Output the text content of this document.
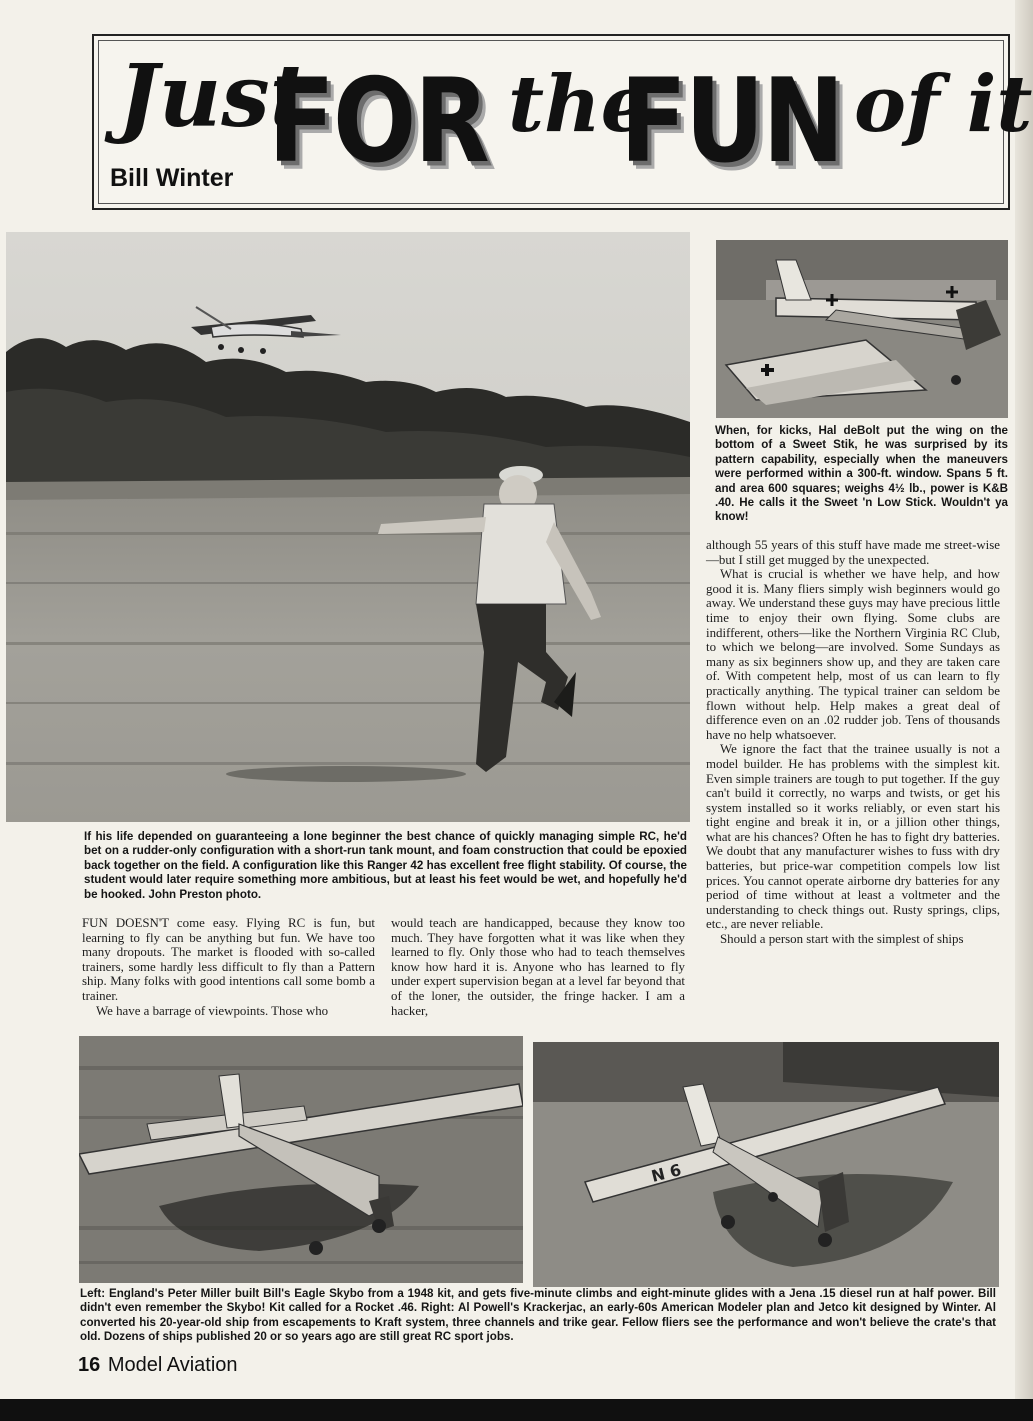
Just
FOR the
FUN of it
Bill Winter

When, for kicks, Hal deBolt put the wing on the bottom of a Sweet Stik, he was surprised by its pattern capability, especially when the maneuvers were performed within a 300-ft. window. Spans 5 ft. and area 600 squares; weighs 4½ lb., power is K&B .40. He calls it the Sweet 'n Low Stick. Wouldn't ya know!

If his life depended on guaranteeing a lone beginner the best chance of quickly managing simple RC, he'd bet on a rudder-only configuration with a short-run tank mount, and foam construction that could be epoxied back together on the field. A configuration like this Ranger 42 has excellent free flight stability. Of course, the student would later require something more ambitious, but at least his feet would be wet, and hopefully he'd be hooked. John Preston photo.

FUN DOESN'T come easy. Flying RC is fun, but learning to fly can be anything but fun. We have too many dropouts. The market is flooded with so-called trainers, some hardly less difficult to fly than a Pattern ship. Many folks with good intentions call some bomb a trainer.

We have a barrage of viewpoints. Those who

would teach are handicapped, because they know too much. They have forgotten what it was like when they learned to fly. Only those who had to teach themselves know how hard it is. Anyone who has learned to fly under expert supervision began at a level far beyond that of the loner, the outsider, the fringe hacker. I am a hacker,

although 55 years of this stuff have made me street-wise—but I still get mugged by the unexpected.

What is crucial is whether we have help, and how good it is. Many fliers simply wish beginners would go away. We understand these guys may have precious little time to enjoy their own flying. Some clubs are indifferent, others—like the Northern Virginia RC Club, to which we belong—are involved. Some Sundays as many as six beginners show up, and they are taken care of. With competent help, most of us can learn to fly practically anything. The typical trainer can seldom be flown without help. Help makes a great deal of difference even on an .02 rudder job. Tens of thousands have no help whatsoever.

We ignore the fact that the trainee usually is not a model builder. He has problems with the simplest kit. Even simple trainers are tough to put together. If the guy can't build it correctly, no warps and twists, or get his system installed so it works reliably, or even start his tight engine and break it in, or a jillion other things, what are his chances? Often he has to fight dry batteries. We doubt that any manufacturer wishes to fuss with dry batteries, but price-war competition compels low list prices. You cannot operate airborne dry batteries for any period of time without at least a voltmeter and the understanding to check things out. Rusty springs, clips, etc., are never reliable.

Should a person start with the simplest of ships

N 6

Left: England's Peter Miller built Bill's Eagle Skybo from a 1948 kit, and gets five-minute climbs and eight-minute glides with a Jena .15 diesel run at half power. Bill didn't even remember the Skybo! Kit called for a Rocket .46. Right: Al Powell's Krackerjac, an early-60s American Modeler plan and Jetco kit designed by Winter. Al converted his 20-year-old ship from escapements to Kraft system, three channels and trike gear. Fellow fliers see the performance and won't believe the crate's that old. Dozens of ships published 20 or so years ago are still great RC sport jobs.

16 Model Aviation
